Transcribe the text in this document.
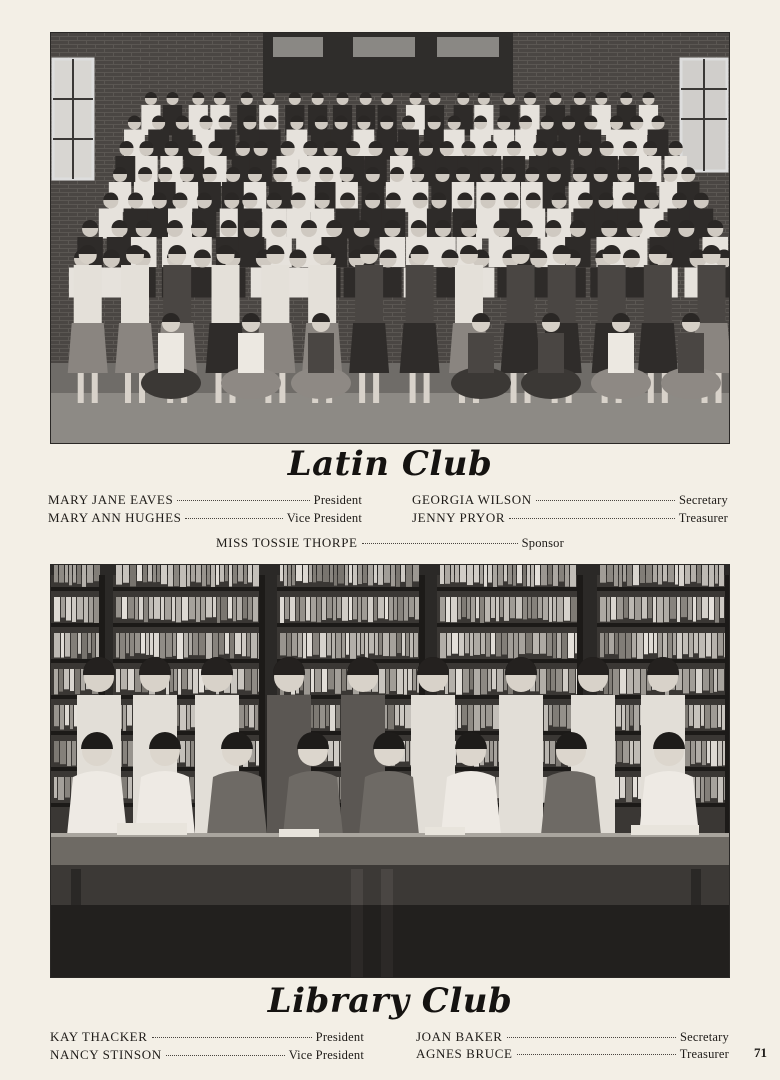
Latin Club
MARY JANE EAVES	President
MARY ANN HUGHES	Vice President
GEORGIA WILSON	Secretary
JENNY PRYOR	Treasurer
MISS TOSSIE THORPE	Sponsor
Library Club
KAY THACKER	President
NANCY STINSON	Vice President
JOAN BAKER	Secretary
AGNES BRUCE	Treasurer 71
